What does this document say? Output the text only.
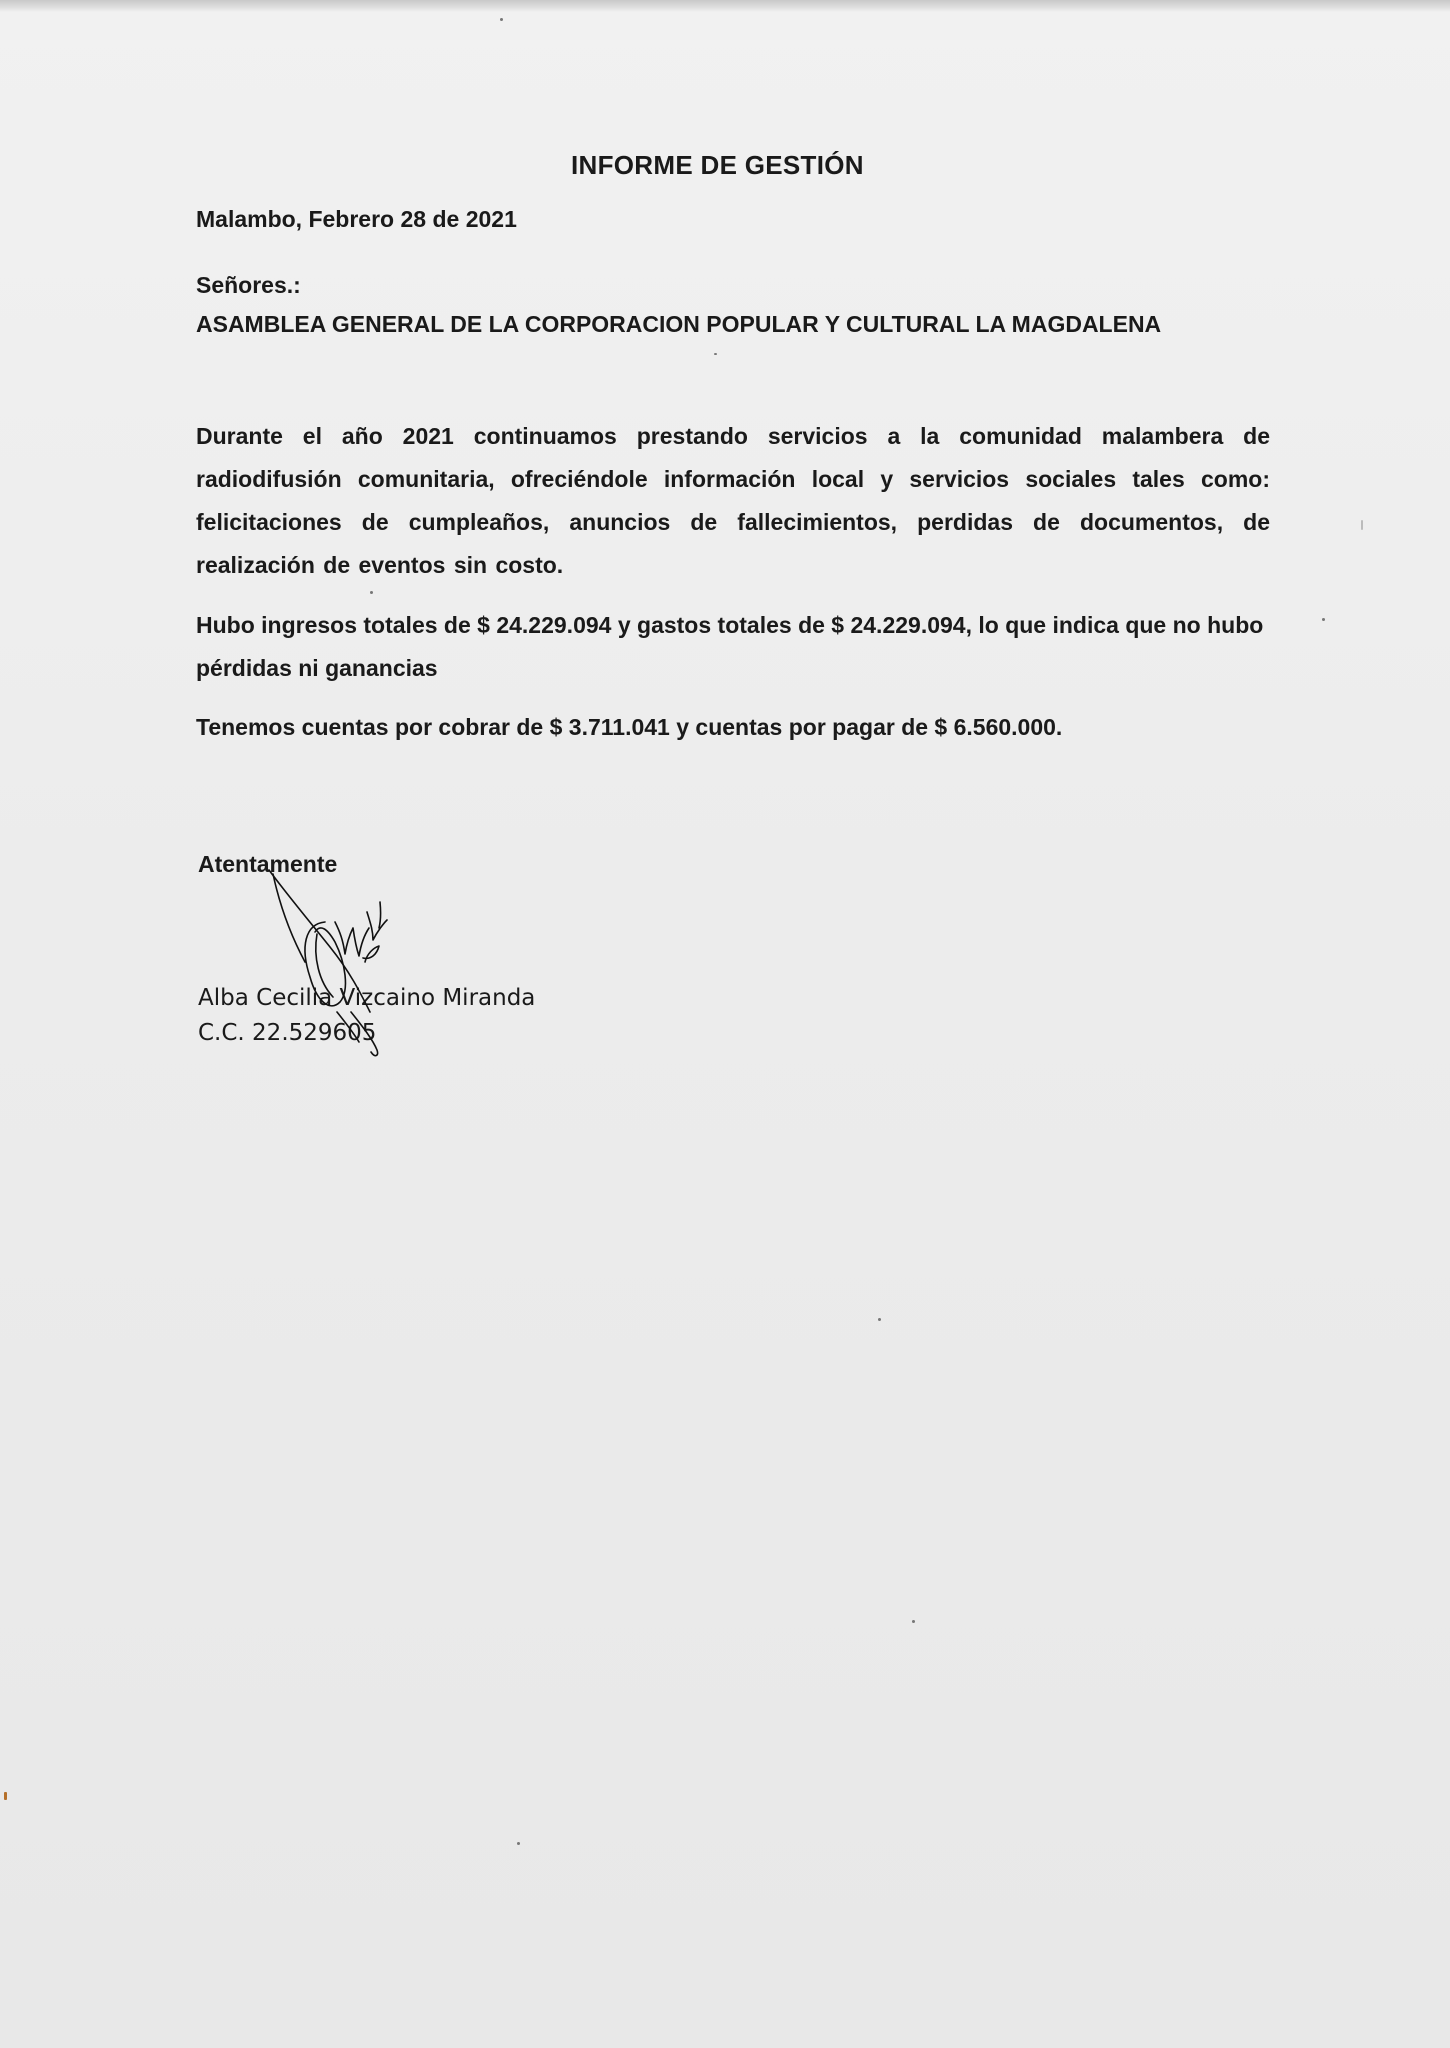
INFORME DE GESTIÓN
Malambo, Febrero 28 de 2021
Señores.:
ASAMBLEA GENERAL DE LA CORPORACION POPULAR Y CULTURAL LA MAGDALENA
Durante el año 2021 continuamos prestando servicios a la comunidad malambera de radiodifusión comunitaria, ofreciéndole información local y servicios sociales tales como: felicitaciones de cumpleaños, anuncios de fallecimientos, perdidas de documentos, de realización de eventos sin costo.
Hubo ingresos totales de $ 24.229.094 y gastos totales de $ 24.229.094, lo que indica que no hubo pérdidas ni ganancias
Tenemos cuentas por cobrar de $ 3.711.041 y cuentas por pagar de $ 6.560.000.
Atentamente
Alba Cecilia Vizcaino Miranda
C.C. 22.529605
